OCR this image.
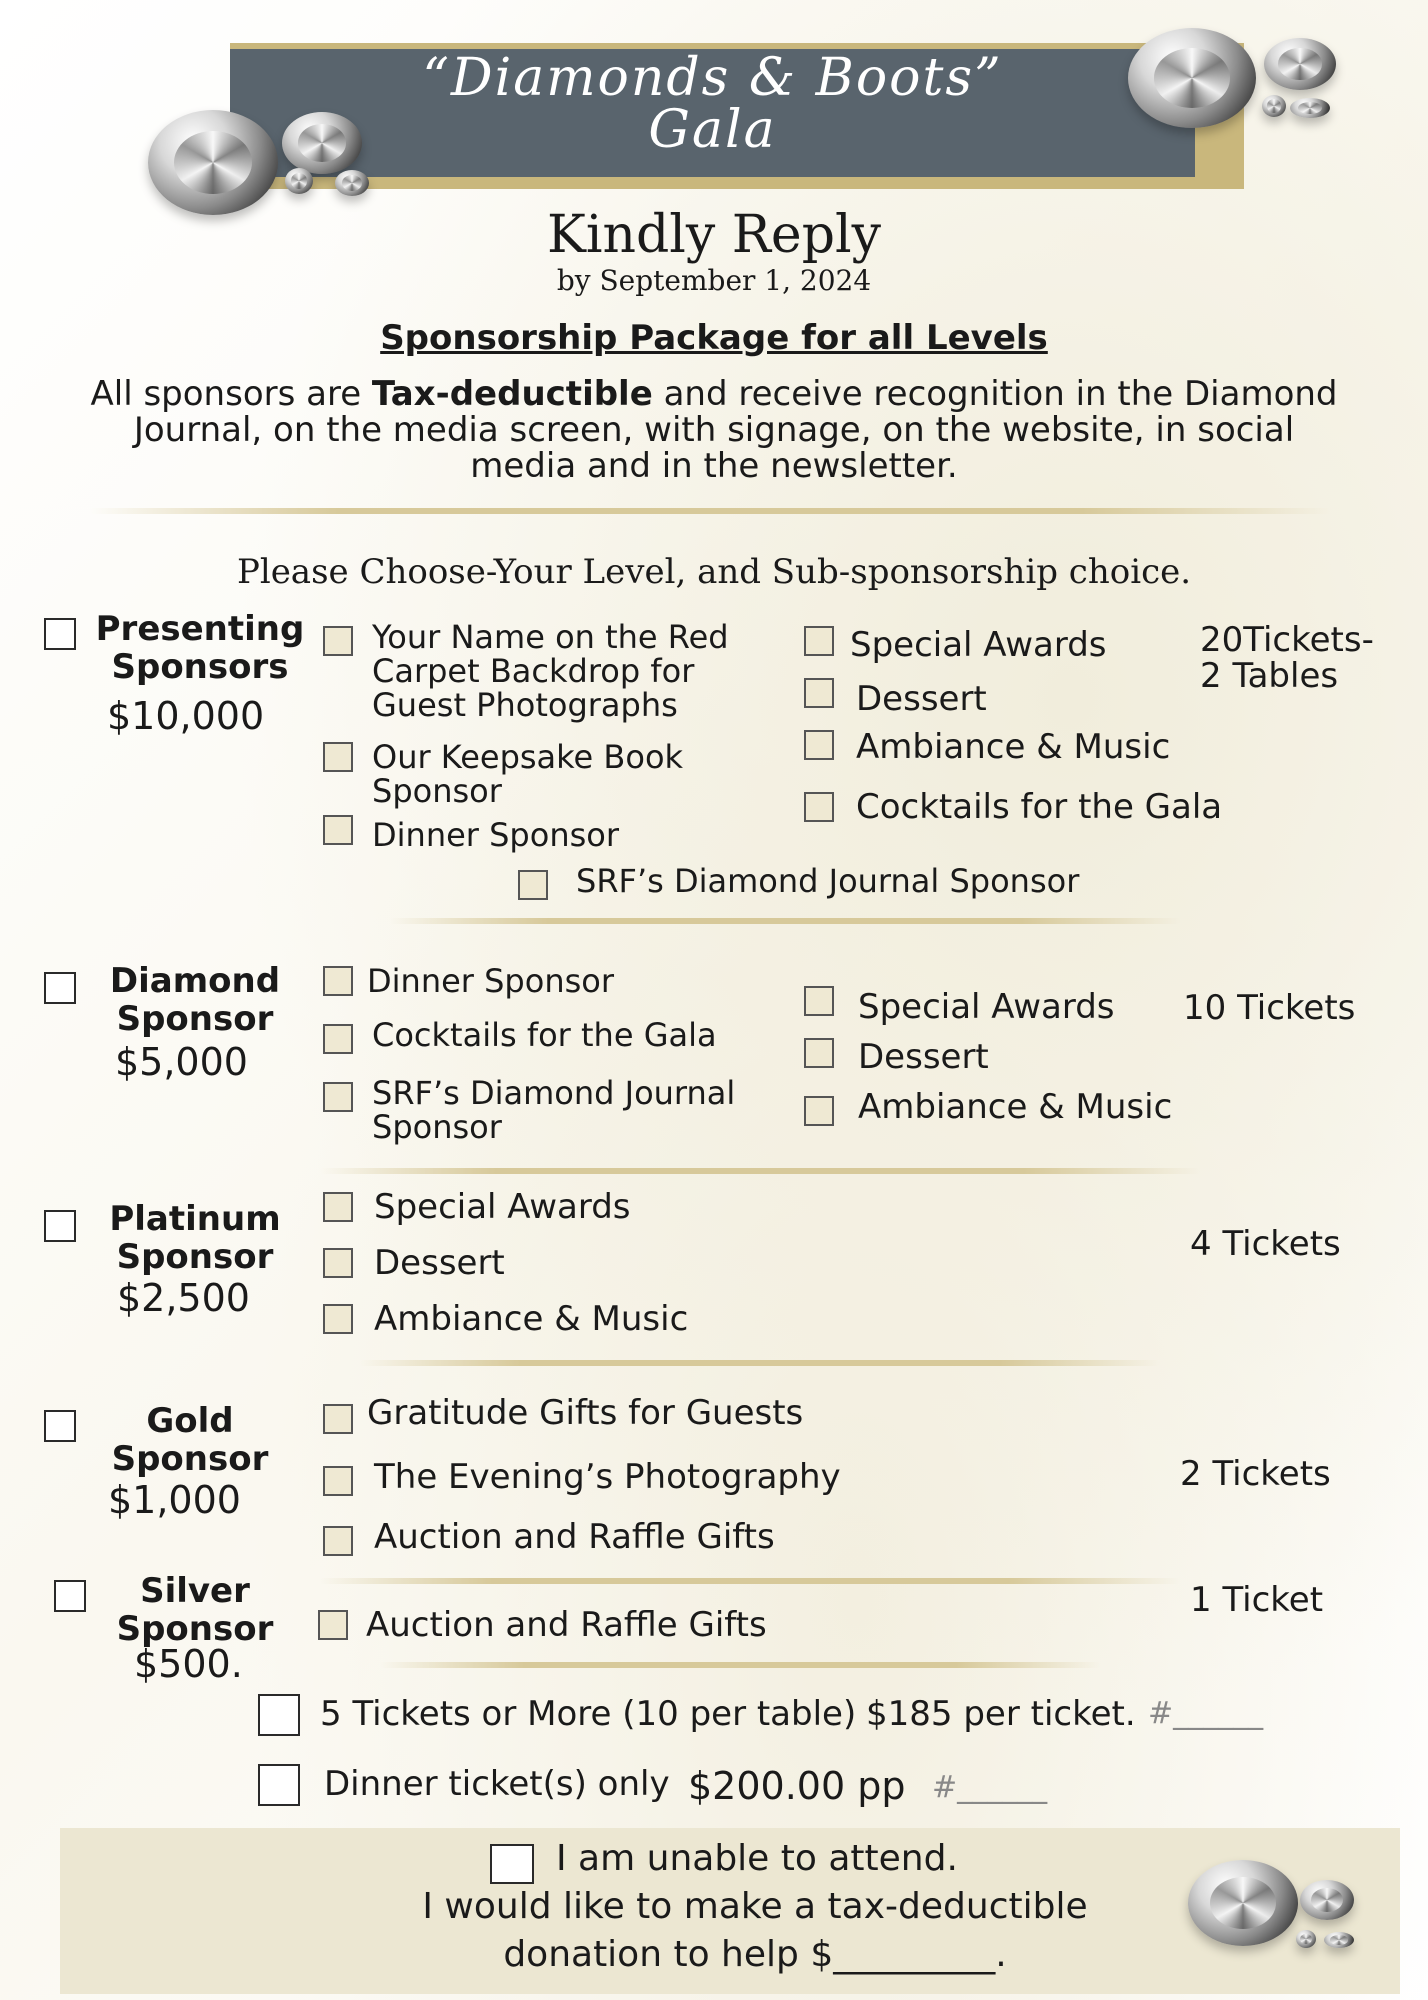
“Diamonds & Boots”
Gala
Kindly Reply
by September 1, 2024
Sponsorship Package for all Levels
All sponsors are Tax-deductible and receive recognition in the Diamond
Journal, on the media screen, with signage, on the website, in social
media and in the newsletter.
Please Choose-Your Level, and Sub-sponsorship choice.
Presenting
Sponsors
$10,000
Your Name on the Red
Carpet Backdrop for
Guest Photographs
Our Keepsake Book
Sponsor
Dinner Sponsor
Special Awards
Dessert
Ambiance & Music
Cocktails for the Gala
SRF’s Diamond Journal Sponsor
20Tickets-
2 Tables
Diamond
Sponsor
$5,000
Dinner Sponsor
Cocktails for the Gala
SRF’s Diamond Journal
Sponsor
Special Awards
Dessert
Ambiance & Music
10 Tickets
Platinum
Sponsor
$2,500
Special Awards
Dessert
Ambiance & Music
4 Tickets
Gold
Sponsor
$1,000
Gratitude Gifts for Guests
The Evening’s Photography
Auction and Raffle Gifts
2 Tickets
Silver
Sponsor
$500.
Auction and Raffle Gifts
1 Ticket
5 Tickets or More (10 per table) $185 per ticket. #______
Dinner ticket(s) only $200.00 pp #______
I am unable to attend.
I would like to make a tax-deductible
donation to help $_________.
